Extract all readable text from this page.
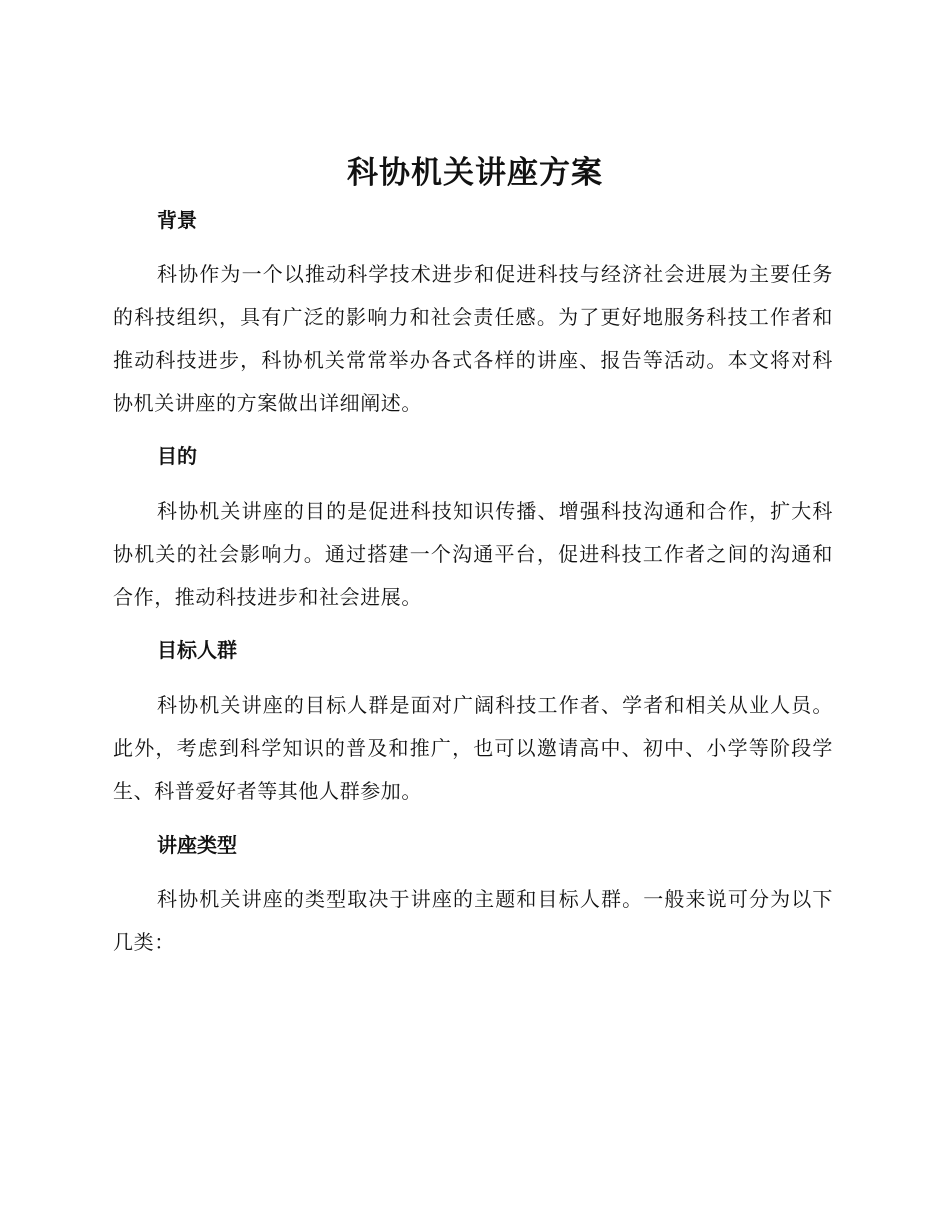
科协机关讲座方案
背景
科协作为一个以推动科学技术进步和促进科技与经济社会进展为主要任务的科技组织，具有广泛的影响力和社会责任感。为了更好地服务科技工作者和推动科技进步，科协机关常常举办各式各样的讲座、报告等活动。本文将对科协机关讲座的方案做出详细阐述。
目的
科协机关讲座的目的是促进科技知识传播、增强科技沟通和合作，扩大科协机关的社会影响力。通过搭建一个沟通平台，促进科技工作者之间的沟通和合作，推动科技进步和社会进展。
目标人群
科协机关讲座的目标人群是面对广阔科技工作者、学者和相关从业人员。此外，考虑到科学知识的普及和推广，也可以邀请高中、初中、小学等阶段学生、科普爱好者等其他人群参加。
讲座类型
科协机关讲座的类型取决于讲座的主题和目标人群。一般来说可分为以下几类：
